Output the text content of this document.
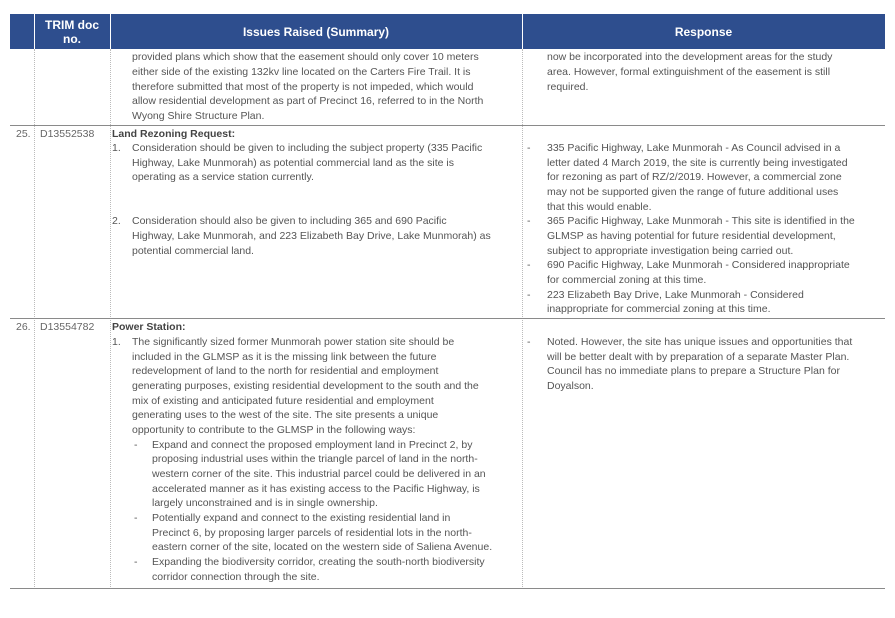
TRIM doc no.	Issues Raised (Summary)	Response
provided plans which show that the easement should only cover 10 meters
either side of the existing 132kv line located on the Carters Fire Trail. It is
therefore submitted that most of the property is not impeded, which would
allow residential development as part of Precinct 16, referred to in the North
Wyong Shire Structure Plan.
now be incorporated into the development areas for the study
area. However, formal extinguishment of the easement is still
required.
25. D13552538 Land Rezoning Request:
1. Consideration should be given to including the subject property (335 Pacific
Highway, Lake Munmorah) as potential commercial land as the site is
operating as a service station currently.
2. Consideration should also be given to including 365 and 690 Pacific
Highway, Lake Munmorah, and 223 Elizabeth Bay Drive, Lake Munmorah) as
potential commercial land.
- 335 Pacific Highway, Lake Munmorah - As Council advised in a
letter dated 4 March 2019, the site is currently being investigated
for rezoning as part of RZ/2/2019. However, a commercial zone
may not be supported given the range of future additional uses
that this would enable.
- 365 Pacific Highway, Lake Munmorah - This site is identified in the
GLMSP as having potential for future residential development,
subject to appropriate investigation being carried out.
- 690 Pacific Highway, Lake Munmorah - Considered inappropriate
for commercial zoning at this time.
- 223 Elizabeth Bay Drive, Lake Munmorah - Considered
inappropriate for commercial zoning at this time.
26. D13554782 Power Station:
1. The significantly sized former Munmorah power station site should be
included in the GLMSP as it is the missing link between the future
redevelopment of land to the north for residential and employment
generating purposes, existing residential development to the south and the
mix of existing and anticipated future residential and employment
generating uses to the west of the site. The site presents a unique
opportunity to contribute to the GLMSP in the following ways:
- Expand and connect the proposed employment land in Precinct 2, by
proposing industrial uses within the triangle parcel of land in the north-
western corner of the site. This industrial parcel could be delivered in an
accelerated manner as it has existing access to the Pacific Highway, is
largely unconstrained and is in single ownership.
- Potentially expand and connect to the existing residential land in
Precinct 6, by proposing larger parcels of residential lots in the north-
eastern corner of the site, located on the western side of Saliena Avenue.
- Expanding the biodiversity corridor, creating the south-north biodiversity
corridor connection through the site.
- Noted. However, the site has unique issues and opportunities that
will be better dealt with by preparation of a separate Master Plan.
Council has no immediate plans to prepare a Structure Plan for
Doyalson.
